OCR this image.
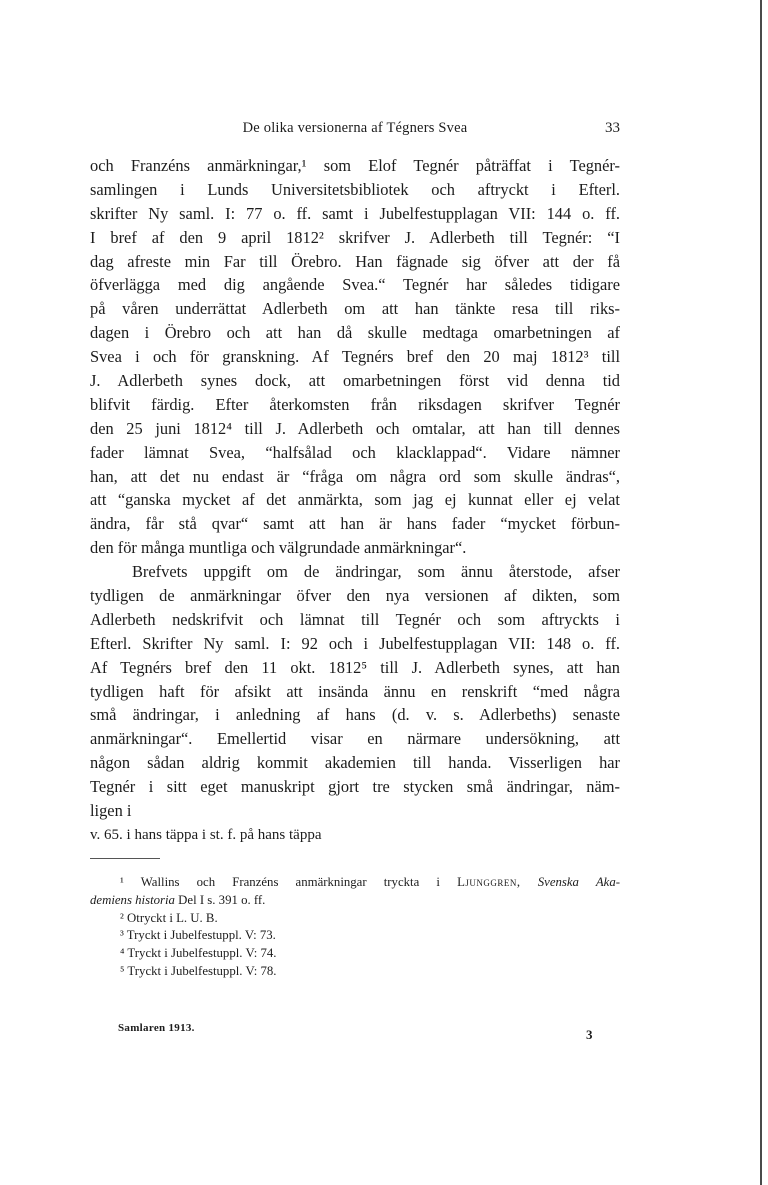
De olika versionerna af Tégners Svea	33
och Franzéns anmärkningar,¹ som Elof Tegnér påträffat i Tegnér-
samlingen i Lunds Universitetsbibliotek och aftryckt i Efterl.
skrifter Ny saml. I: 77 o. ff. samt i Jubelfestupplagan VII: 144 o. ff.
I bref af den 9 april 1812² skrifver J. Adlerbeth till Tegnér: “I
dag afreste min Far till Örebro. Han fägnade sig öfver att der få
öfverlägga med dig angående Svea.“ Tegnér har således tidigare
på våren underrättat Adlerbeth om att han tänkte resa till riks-
dagen i Örebro och att han då skulle medtaga omarbetningen af
Svea i och för granskning. Af Tegnérs bref den 20 maj 1812³ till
J. Adlerbeth synes dock, att omarbetningen först vid denna tid
blifvit färdig. Efter återkomsten från riksdagen skrifver Tegnér
den 25 juni 1812⁴ till J. Adlerbeth och omtalar, att han till dennes
fader lämnat Svea, “halfsålad och klacklappad“. Vidare nämner
han, att det nu endast är “fråga om några ord som skulle ändras“,
att “ganska mycket af det anmärkta, som jag ej kunnat eller ej velat
ändra, får stå qvar“ samt att han är hans fader “mycket förbun-
den för många muntliga och välgrundade anmärkningar“.
Brefvets uppgift om de ändringar, som ännu återstode, afser
tydligen de anmärkningar öfver den nya versionen af dikten, som
Adlerbeth nedskrifvit och lämnat till Tegnér och som aftryckts i
Efterl. Skrifter Ny saml. I: 92 och i Jubelfestupplagan VII: 148 o. ff.
Af Tegnérs bref den 11 okt. 1812⁵ till J. Adlerbeth synes, att han
tydligen haft för afsikt att insända ännu en renskrift “med några
små ändringar, i anledning af hans (d. v. s. Adlerbeths) senaste
anmärkningar“. Emellertid visar en närmare undersökning, att
någon sådan aldrig kommit akademien till handa. Visserligen har
Tegnér i sitt eget manuskript gjort tre stycken små ändringar, näm-
ligen i
v. 65. i hans täppa i st. f. på hans täppa
¹ Wallins och Franzéns anmärkningar tryckta i Ljunggren, Svenska Aka-
demiens historia Del I s. 391 o. ff.
² Otryckt i L. U. B.
³ Tryckt i Jubelfestuppl. V: 73.
⁴ Tryckt i Jubelfestuppl. V: 74.
⁵ Tryckt i Jubelfestuppl. V: 78.
Samlaren 1913.	3
